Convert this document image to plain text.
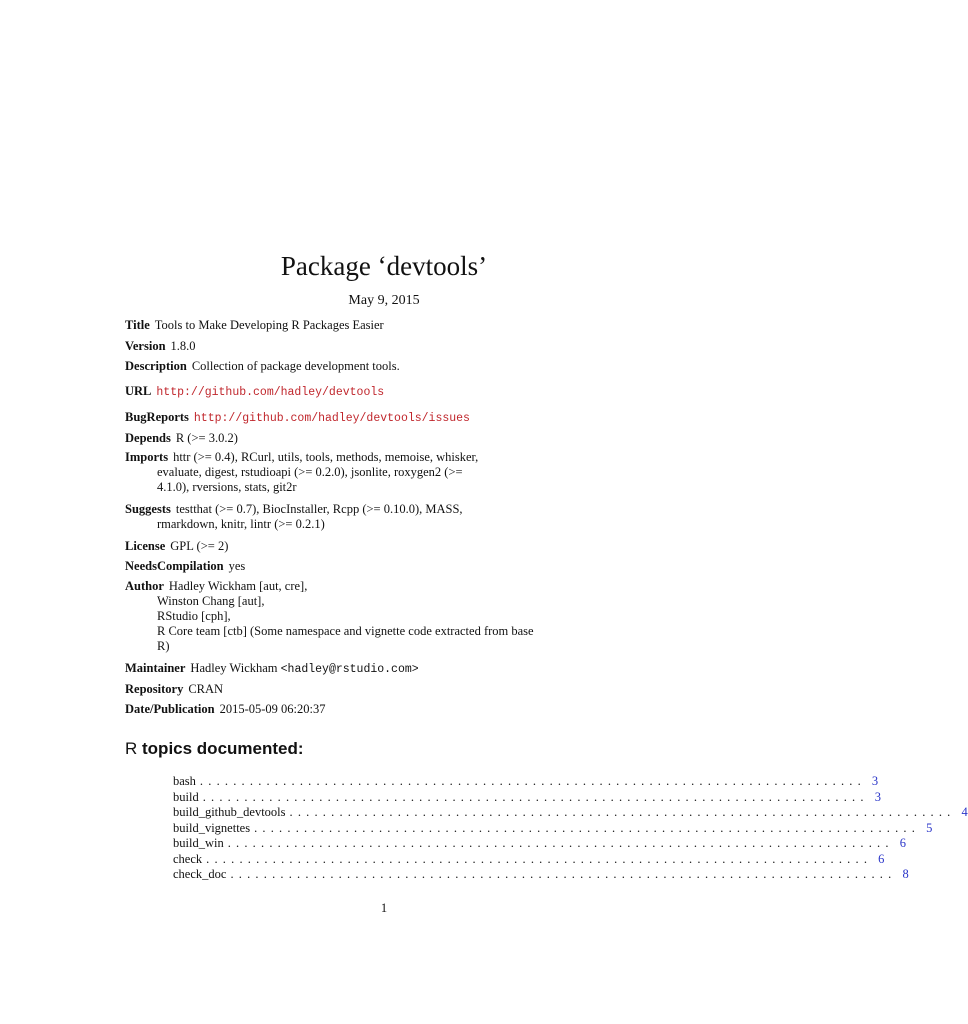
Package ‘devtools’
May 9, 2015
Title Tools to Make Developing R Packages Easier
Version 1.8.0
Description Collection of package development tools.
URL http://github.com/hadley/devtools
BugReports http://github.com/hadley/devtools/issues
Depends R (>= 3.0.2)
Imports httr (>= 0.4), RCurl, utils, tools, methods, memoise, whisker,
evaluate, digest, rstudioapi (>= 0.2.0), jsonlite, roxygen2 (>=
4.1.0), rversions, stats, git2r
Suggests testthat (>= 0.7), BiocInstaller, Rcpp (>= 0.10.0), MASS,
rmarkdown, knitr, lintr (>= 0.2.1)
License GPL (>= 2)
NeedsCompilation yes
Author Hadley Wickham [aut, cre],
Winston Chang [aut],
RStudio [cph],
R Core team [ctb] (Some namespace and vignette code extracted from base
R)
Maintainer Hadley Wickham <hadley@rstudio.com>
Repository CRAN
Date/Publication 2015-05-09 06:20:37
R topics documented:
bash ................................................................................ 3
build ................................................................................ 3
build_github_devtools ................................................................................ 4
build_vignettes ................................................................................ 5
build_win ................................................................................ 6
check ................................................................................ 6
check_doc ................................................................................ 8
1
